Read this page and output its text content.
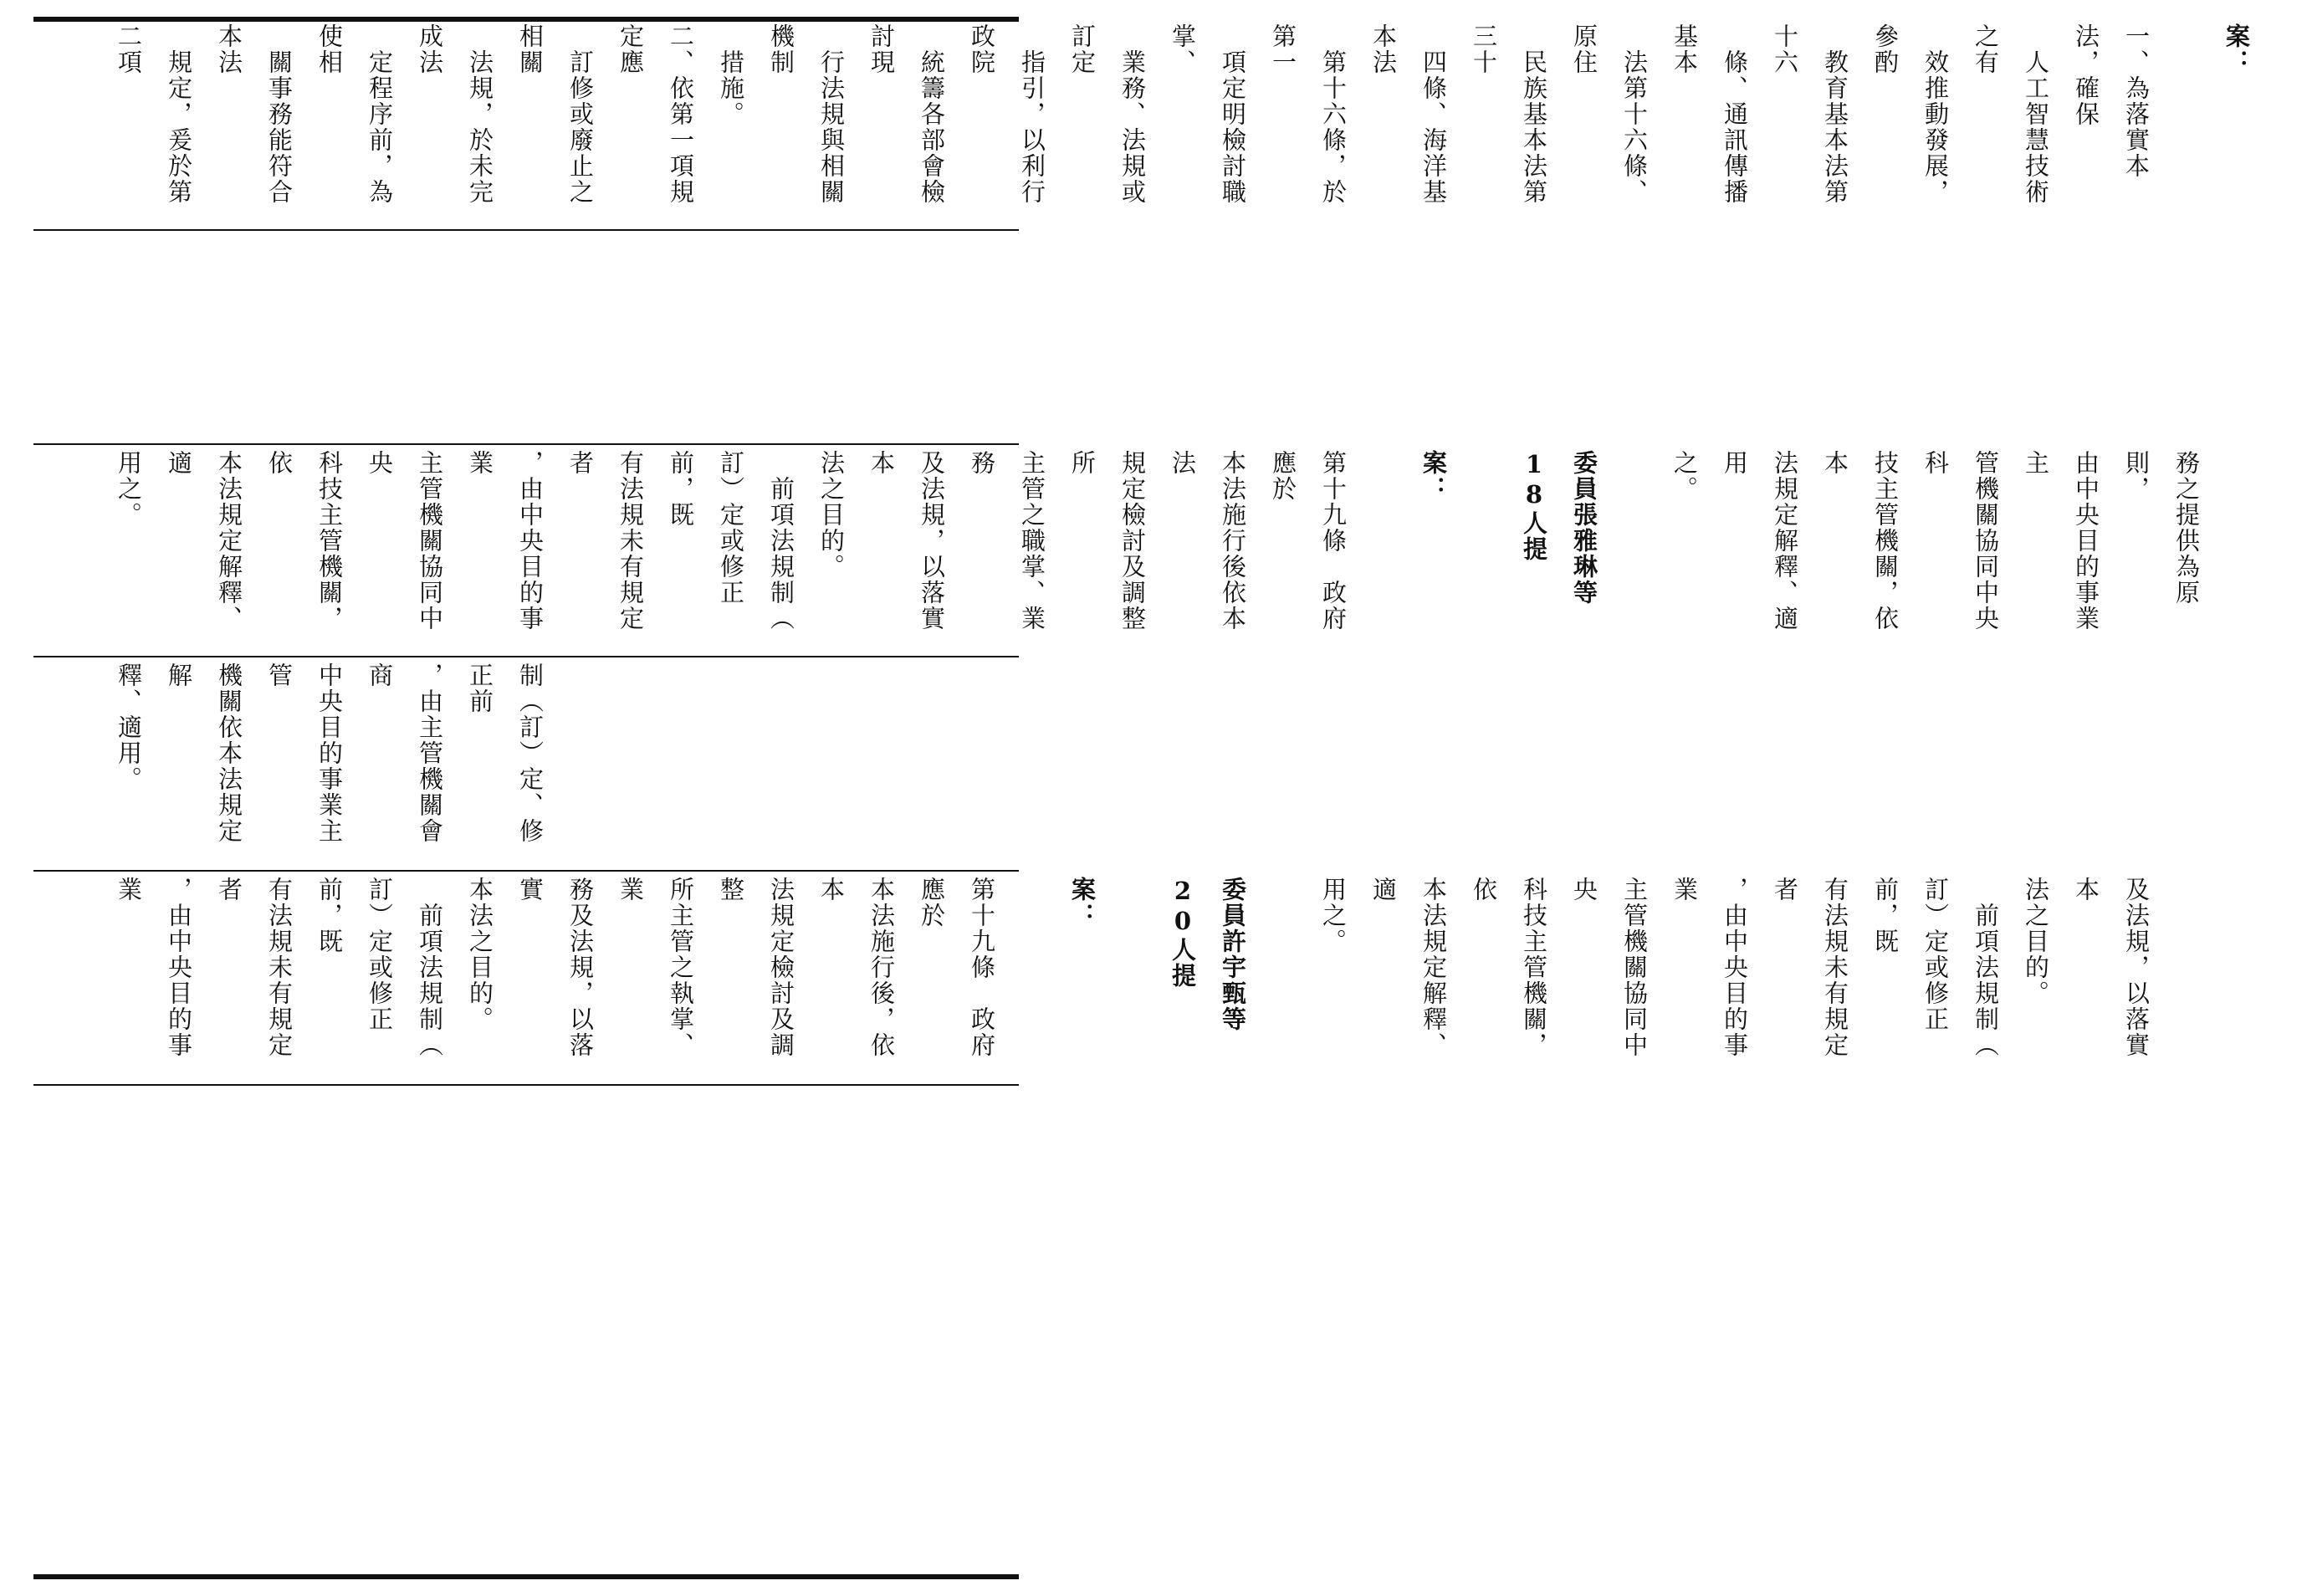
案：

一、為落實本法，確保
　人工智慧技術之有
　效推動發展，參酌
　教育基本法第十六
　條、通訊傳播基本
　法第十六條、原住
　民族基本法第三十
　四條、海洋基本法
　第十六條，於第一
　項定明檢討職掌、
　業務、法規或訂定
　指引，以利行政院
　統籌各部會檢討現
　行法規與相關機制
　措施。
二、依第一項規定應
　訂修或廢止之相關
　法規，於未完成法
　定程序前，為使相
　關事務能符合本法
　規定，爰於第二項

務之提供為原則，
由中央目的事業主
管機關協同中央科
技主管機關，依本
法規定解釋、適用
之。

委員張雅琳等18人提

案：

第十九條　政府應於
本法施行後依本法
規定檢討及調整所
主管之職掌、業務
及法規，以落實本
法之目的。
　前項法規制（
訂）定或修正前，既
有法規未有規定者
，由中央目的事業
主管機關協同中央
科技主管機關，依
本法規定解釋、適
用之。

制（訂）定、修正前
，由主管機關會商
中央目的事業主管
機關依本法規定解
釋、適用。

及法規，以落實本
法之目的。
　前項法規制（
訂）定或修正前，既
有法規未有規定者
，由中央目的事業
主管機關協同中央
科技主管機關，依
本法規定解釋、適
用之。

委員許宇甄等20人提

案：

第十九條　政府應於
本法施行後，依本
法規定檢討及調整
所主管之執掌、業
務及法規，以落實
本法之目的。
　前項法規制（
訂）定或修正前，既
有法規未有規定者
，由中央目的事業
